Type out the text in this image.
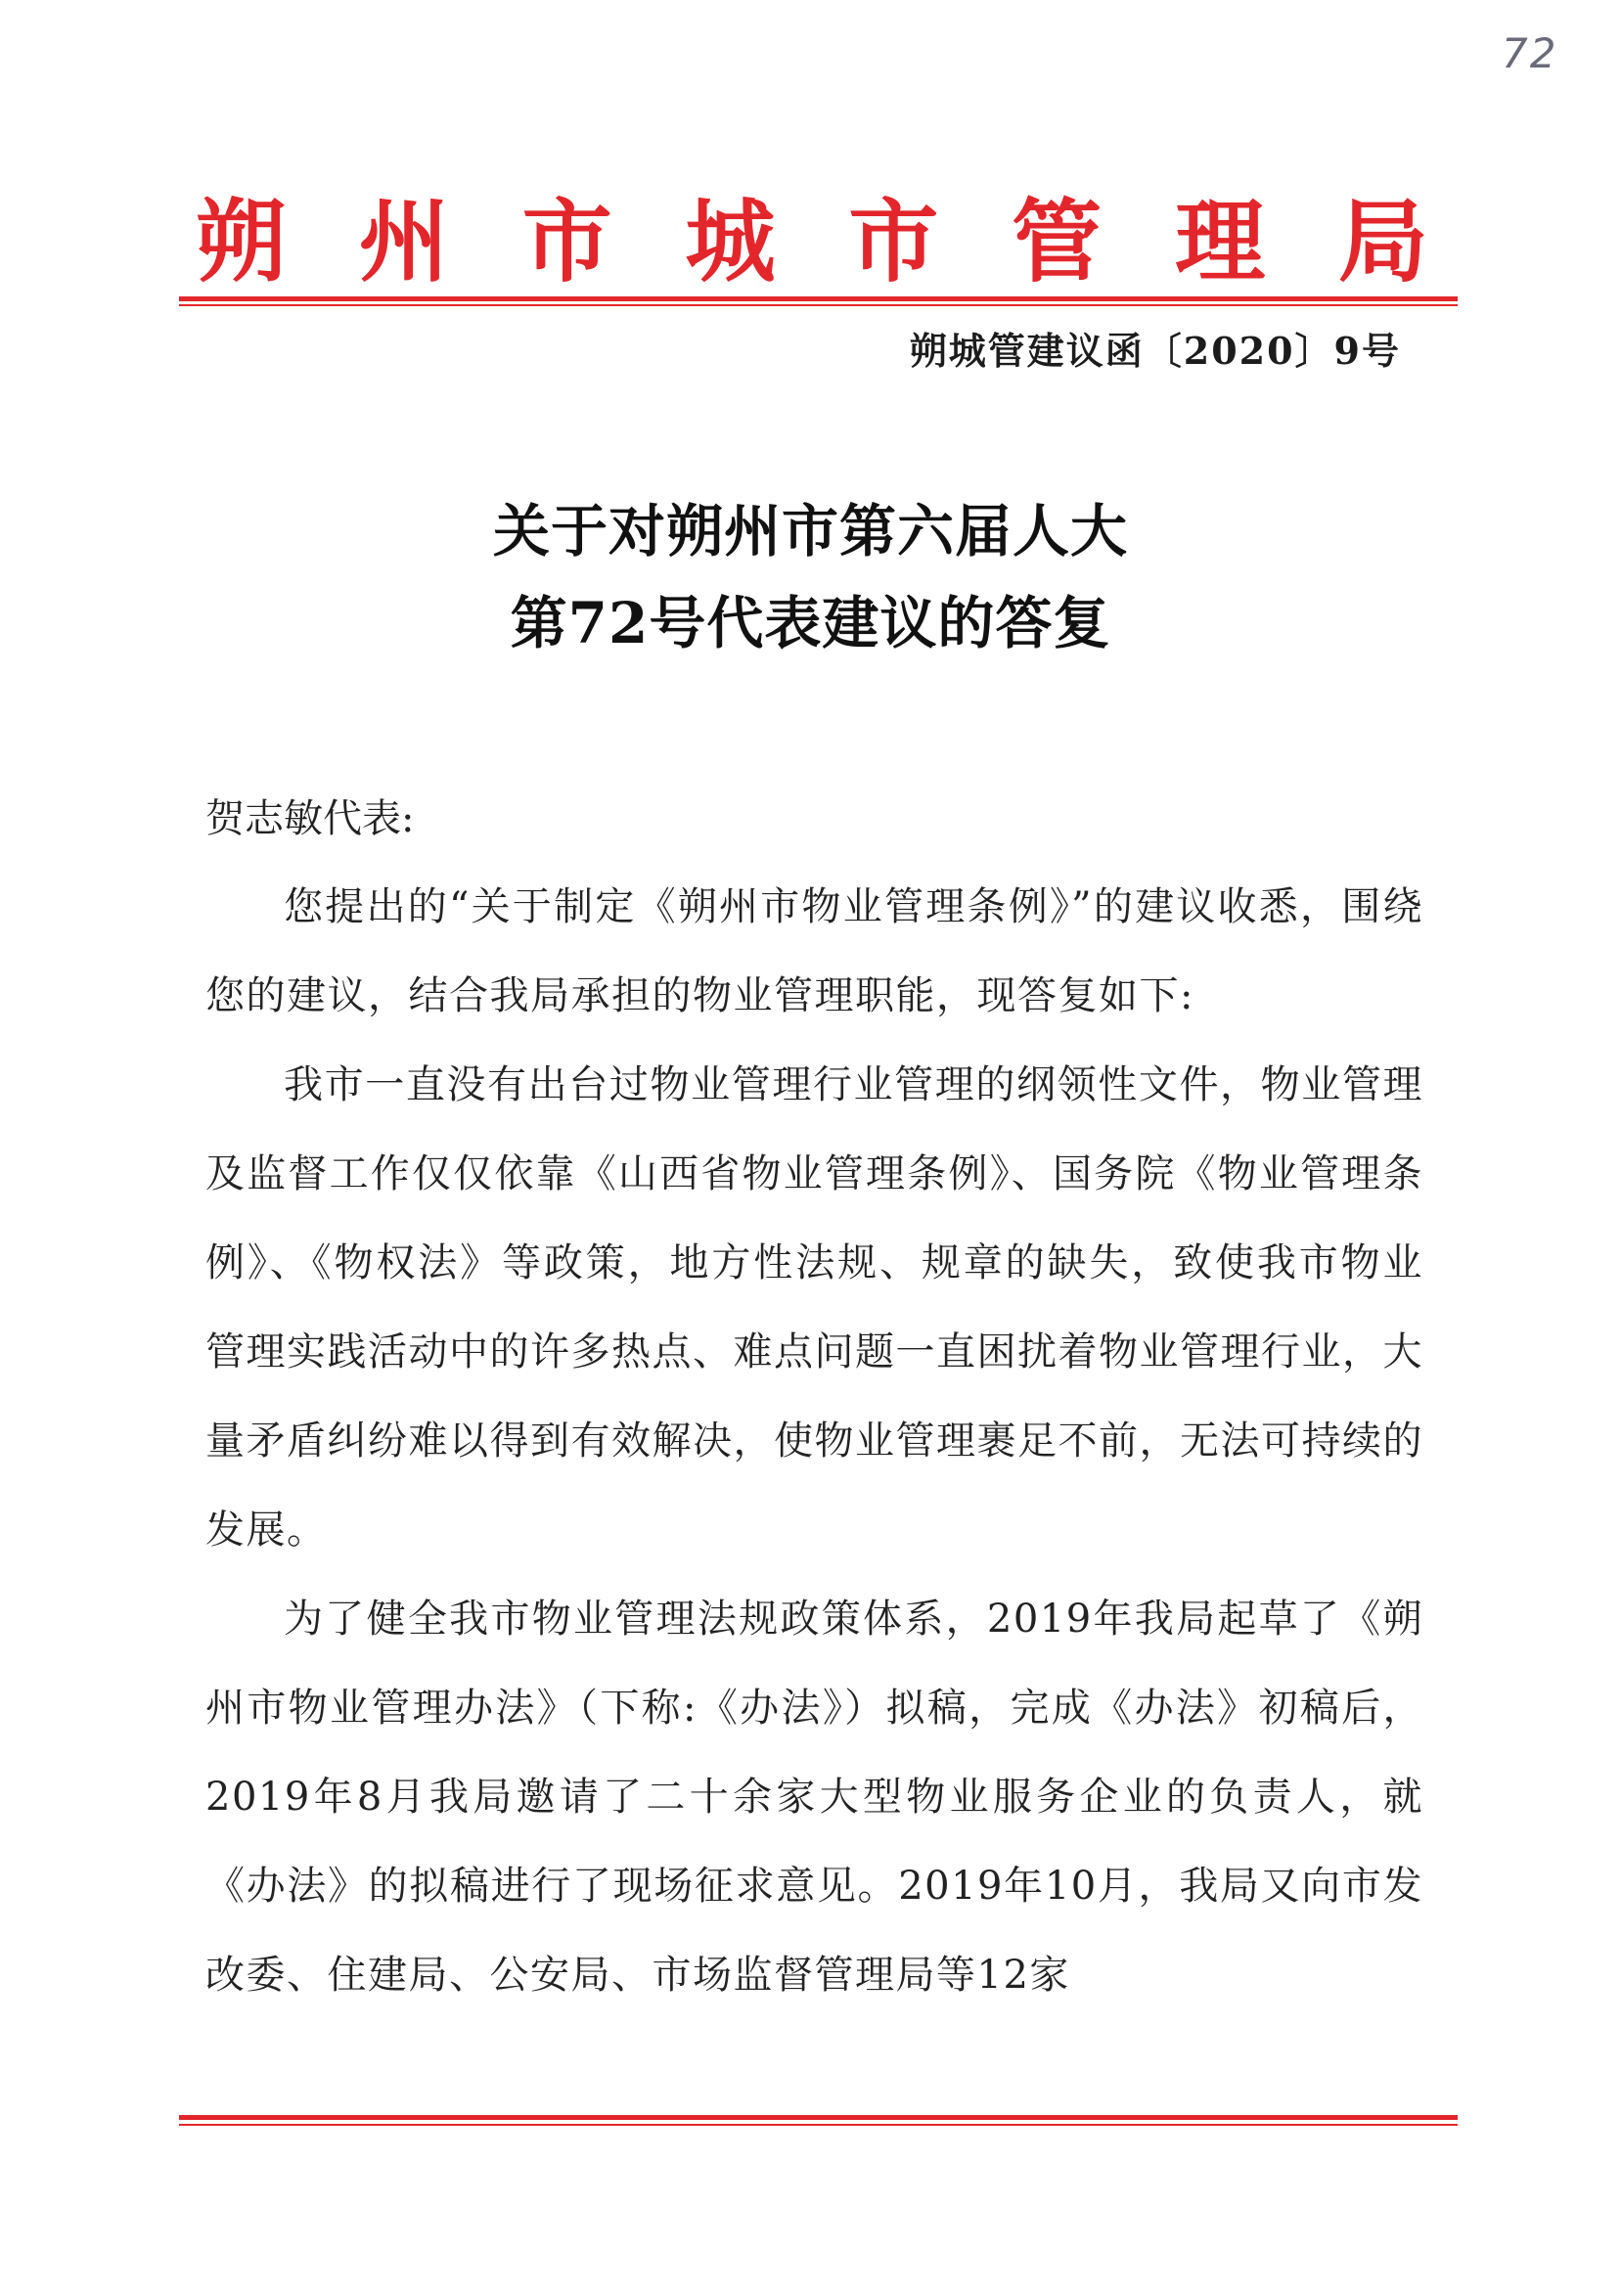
72
朔 州 市 城 市 管 理 局
朔城管建议函〔2020〕9号
关于对朔州市第六届人大
第72号代表建议的答复
贺志敏代表:

您提出的“关于制定《朔州市物业管理条例》”的建议收悉，围绕您的建议，结合我局承担的物业管理职能，现答复如下:

我市一直没有出台过物业管理行业管理的纲领性文件，物业管理及监督工作仅仅依靠《山西省物业管理条例》、国务院《物业管理条例》、《物权法》等政策，地方性法规、规章的缺失，致使我市物业管理实践活动中的许多热点、难点问题一直困扰着物业管理行业，大量矛盾纠纷难以得到有效解决，使物业管理裹足不前，无法可持续的发展。

为了健全我市物业管理法规政策体系，2019年我局起草了《朔州市物业管理办法》（下称:《办法》）拟稿，完成《办法》初稿后，2019年8月我局邀请了二十余家大型物业服务企业的负责人，就《办法》的拟稿进行了现场征求意见。2019年10月，我局又向市发改委、住建局、公安局、市场监督管理局等12家
